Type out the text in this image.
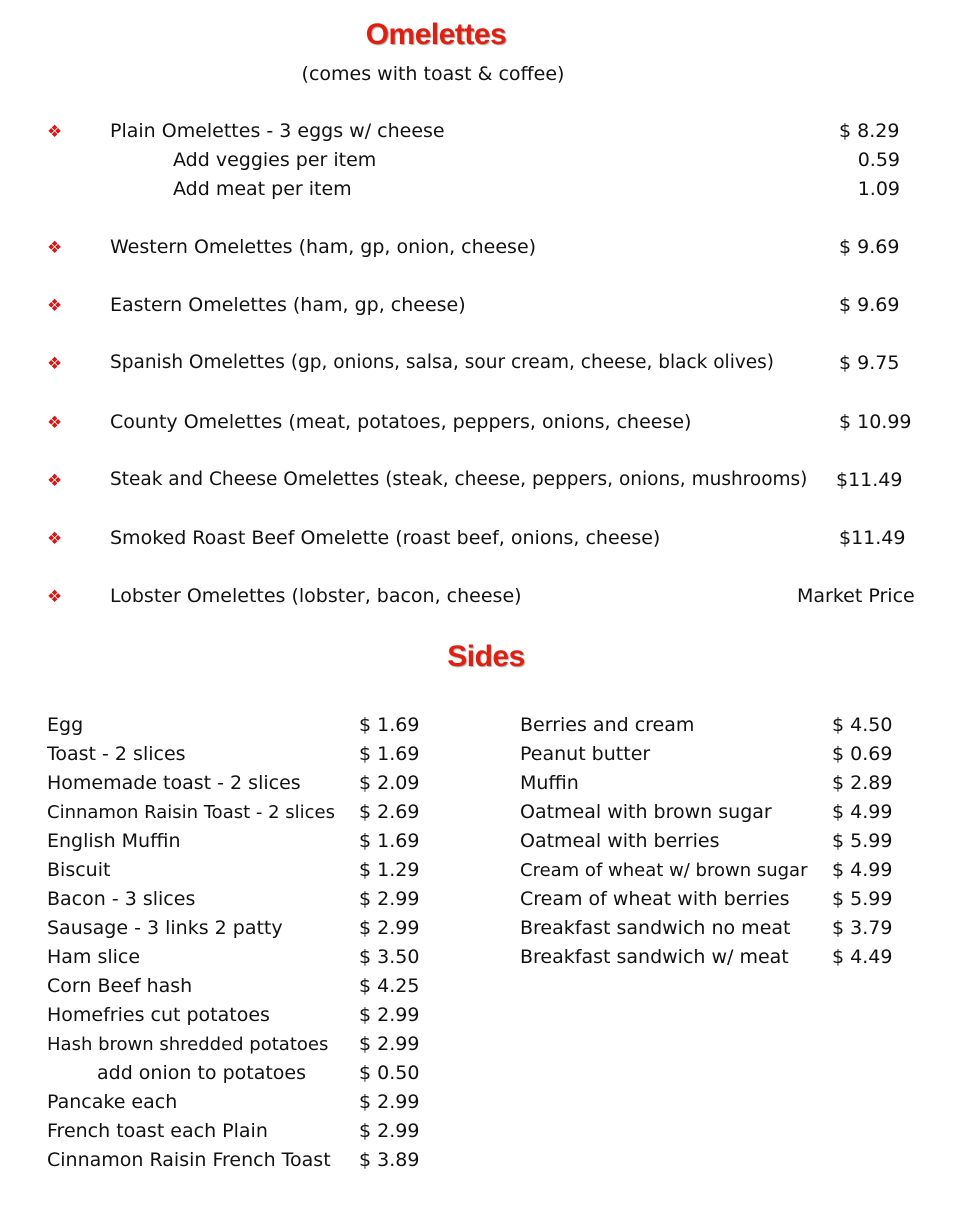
Omelettes
(comes with toast & coffee)
❖	Plain Omelettes - 3 eggs w/ cheese	$ 8.29
Add veggies per item	0.59
Add meat per item	1.09
❖	Western Omelettes (ham, gp, onion, cheese)	$ 9.69
❖	Eastern Omelettes (ham, gp, cheese)	$ 9.69
❖	Spanish Omelettes (gp, onions, salsa, sour cream, cheese, black olives)	$ 9.75
❖	County Omelettes (meat, potatoes, peppers, onions, cheese)	$ 10.99
❖	Steak and Cheese Omelettes (steak, cheese, peppers, onions, mushrooms) $11.49
❖	Smoked Roast Beef Omelette (roast beef, onions, cheese)	$11.49
❖	Lobster Omelettes (lobster, bacon, cheese)	Market Price
Sides
Egg	$ 1.69
Toast - 2 slices	$ 1.69
Homemade toast - 2 slices	$ 2.09
Cinnamon Raisin Toast - 2 slices $ 2.69
English Muffin	$ 1.69
Biscuit	$ 1.29
Bacon - 3 slices	$ 2.99
Sausage - 3 links 2 patty	$ 2.99
Ham slice	$ 3.50
Corn Beef hash	$ 4.25
Homefries cut potatoes	$ 2.99
Hash brown shredded potatoes $ 2.99
add onion to potatoes	$ 0.50
Pancake each	$ 2.99
French toast each Plain	$ 2.99
Cinnamon Raisin French Toast $ 3.89
Berries and cream	$ 4.50
Peanut butter	$ 0.69
Muffin	$ 2.89
Oatmeal with brown sugar	$ 4.99
Oatmeal with berries	$ 5.99
Cream of wheat w/ brown sugar $ 4.99
Cream of wheat with berries $ 5.99
Breakfast sandwich no meat $ 3.79
Breakfast sandwich w/ meat $ 4.49
